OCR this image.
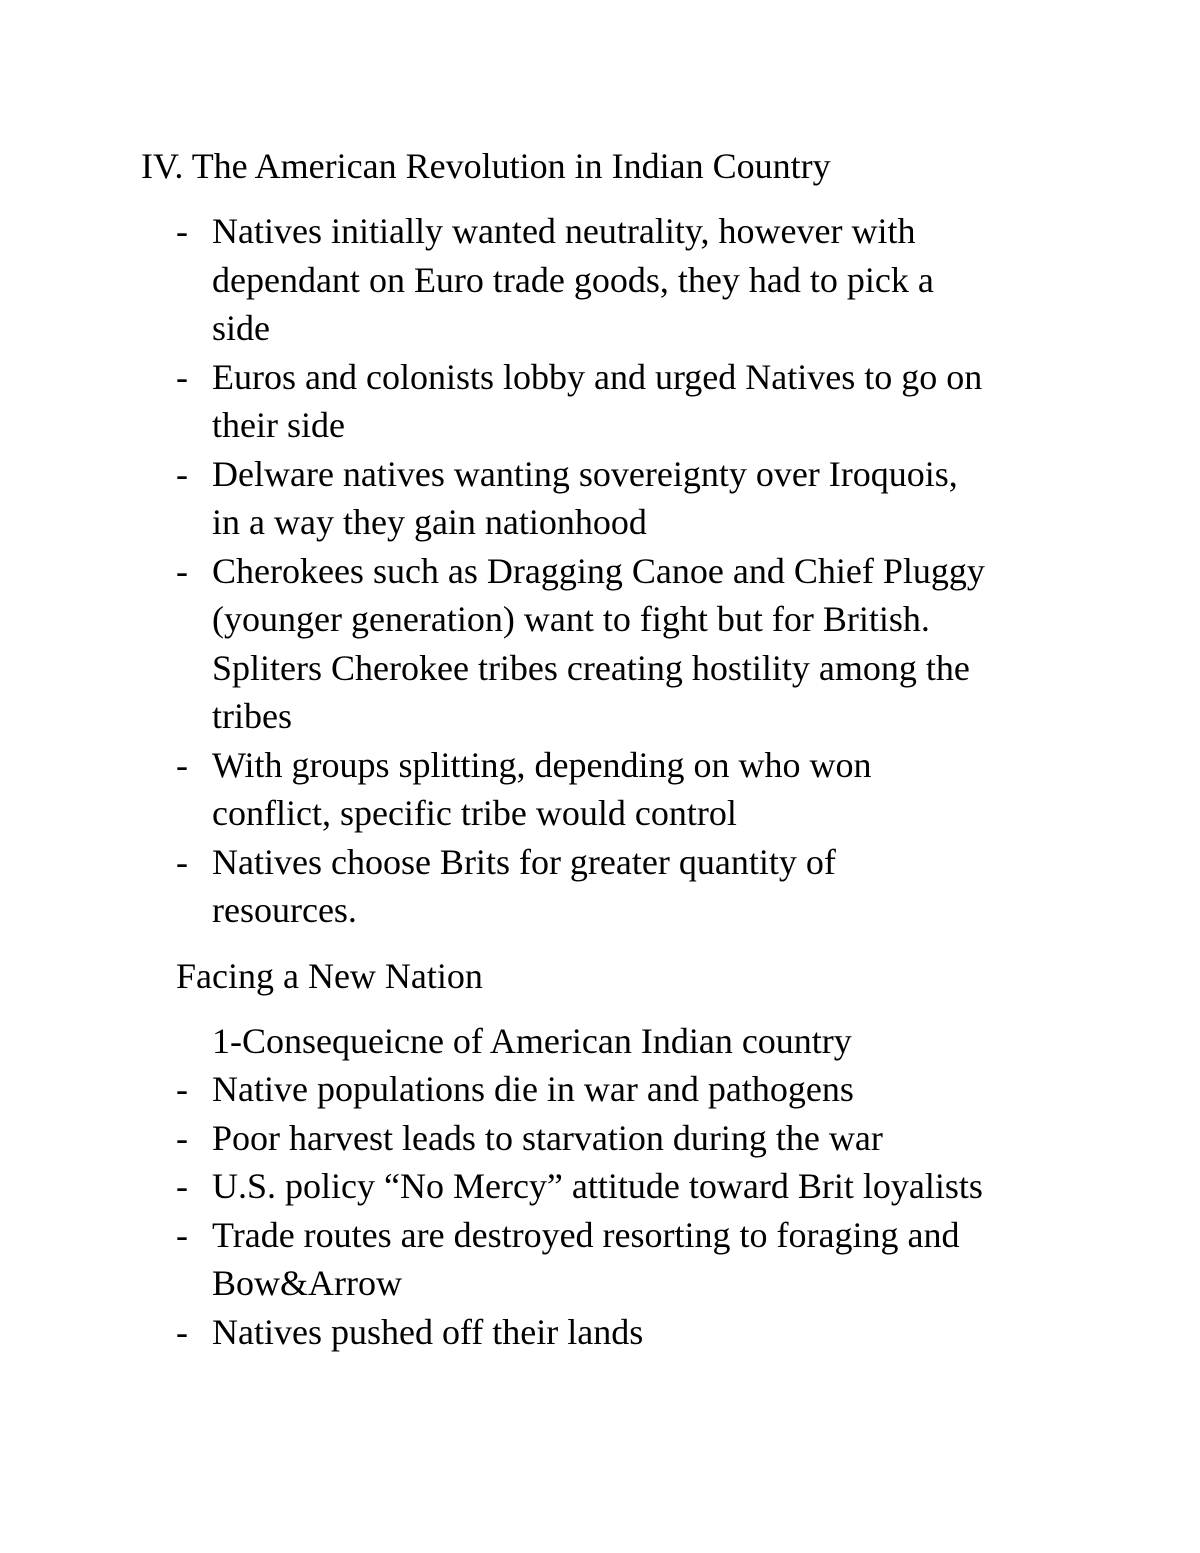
IV. The American Revolution in Indian Country
- Natives initially wanted neutrality, however with
dependant on Euro trade goods, they had to pick a
side
- Euros and colonists lobby and urged Natives to go on
their side
- Delware natives wanting sovereignty over Iroquois,
in a way they gain nationhood
- Cherokees such as Dragging Canoe and Chief Pluggy
(younger generation) want to fight but for British.
Spliters Cherokee tribes creating hostility among the
tribes
- With groups splitting, depending on who won
conflict, specific tribe would control
- Natives choose Brits for greater quantity of
resources.
Facing a New Nation

1-Consequeicne of American Indian country

- Native populations die in war and pathogens
- Poor harvest leads to starvation during the war
- U.S. policy “No Mercy” attitude toward Brit loyalists
- Trade routes are destroyed resorting to foraging and
Bow&Arrow
- Natives pushed off their lands
